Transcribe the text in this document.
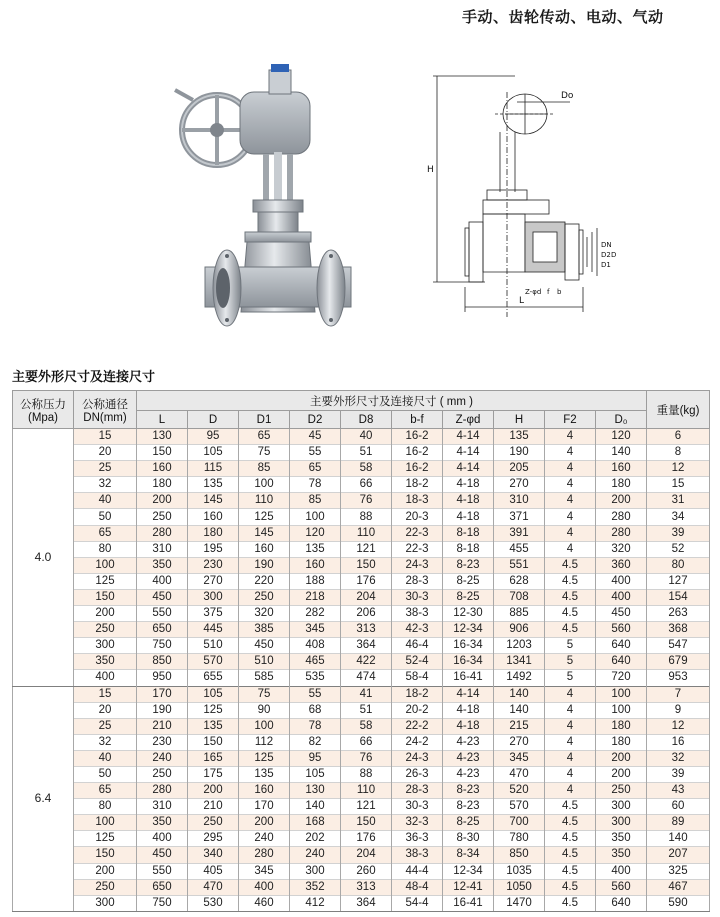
手动、齿轮传动、电动、气动
Do
H
L
Z-φd f b
DN
D2
D1
D
主要外形尺寸及连接尺寸
公称压力(Mpa)	公称通径DN(mm)	主要外形尺寸及连接尺寸 ( mm )										重量(kg)
		L	D	D1	D2	D8	b-f	Z-φd	H	F2	D₀	
4.0	15	130	95	65	45	40	16-2	4-14	135	4	120	6
	20	150	105	75	55	51	16-2	4-14	190	4	140	8
	25	160	115	85	65	58	16-2	4-14	205	4	160	12
	32	180	135	100	78	66	18-2	4-18	270	4	180	15
	40	200	145	110	85	76	18-3	4-18	310	4	200	31
	50	250	160	125	100	88	20-3	4-18	371	4	280	34
	65	280	180	145	120	110	22-3	8-18	391	4	280	39
	80	310	195	160	135	121	22-3	8-18	455	4	320	52
	100	350	230	190	160	150	24-3	8-23	551	4.5	360	80
	125	400	270	220	188	176	28-3	8-25	628	4.5	400	127
	150	450	300	250	218	204	30-3	8-25	708	4.5	400	154
	200	550	375	320	282	206	38-3	12-30	885	4.5	450	263
	250	650	445	385	345	313	42-3	12-34	906	4.5	560	368
	300	750	510	450	408	364	46-4	16-34	1203	5	640	547
	350	850	570	510	465	422	52-4	16-34	1341	5	640	679
	400	950	655	585	535	474	58-4	16-41	1492	5	720	953
6.4	15	170	105	75	55	41	18-2	4-14	140	4	100	7
	20	190	125	90	68	51	20-2	4-18	140	4	100	9
	25	210	135	100	78	58	22-2	4-18	215	4	180	12
	32	230	150	112	82	66	24-2	4-23	270	4	180	16
	40	240	165	125	95	76	24-3	4-23	345	4	200	32
	50	250	175	135	105	88	26-3	4-23	470	4	200	39
	65	280	200	160	130	110	28-3	8-23	520	4	250	43
	80	310	210	170	140	121	30-3	8-23	570	4.5	300	60
	100	350	250	200	168	150	32-3	8-25	700	4.5	300	89
	125	400	295	240	202	176	36-3	8-30	780	4.5	350	140
	150	450	340	280	240	204	38-3	8-34	850	4.5	350	207
	200	550	405	345	300	260	44-4	12-34	1035	4.5	400	325
	250	650	470	400	352	313	48-4	12-41	1050	4.5	560	467
	300	750	530	460	412	364	54-4	16-41	1470	4.5	640	590
